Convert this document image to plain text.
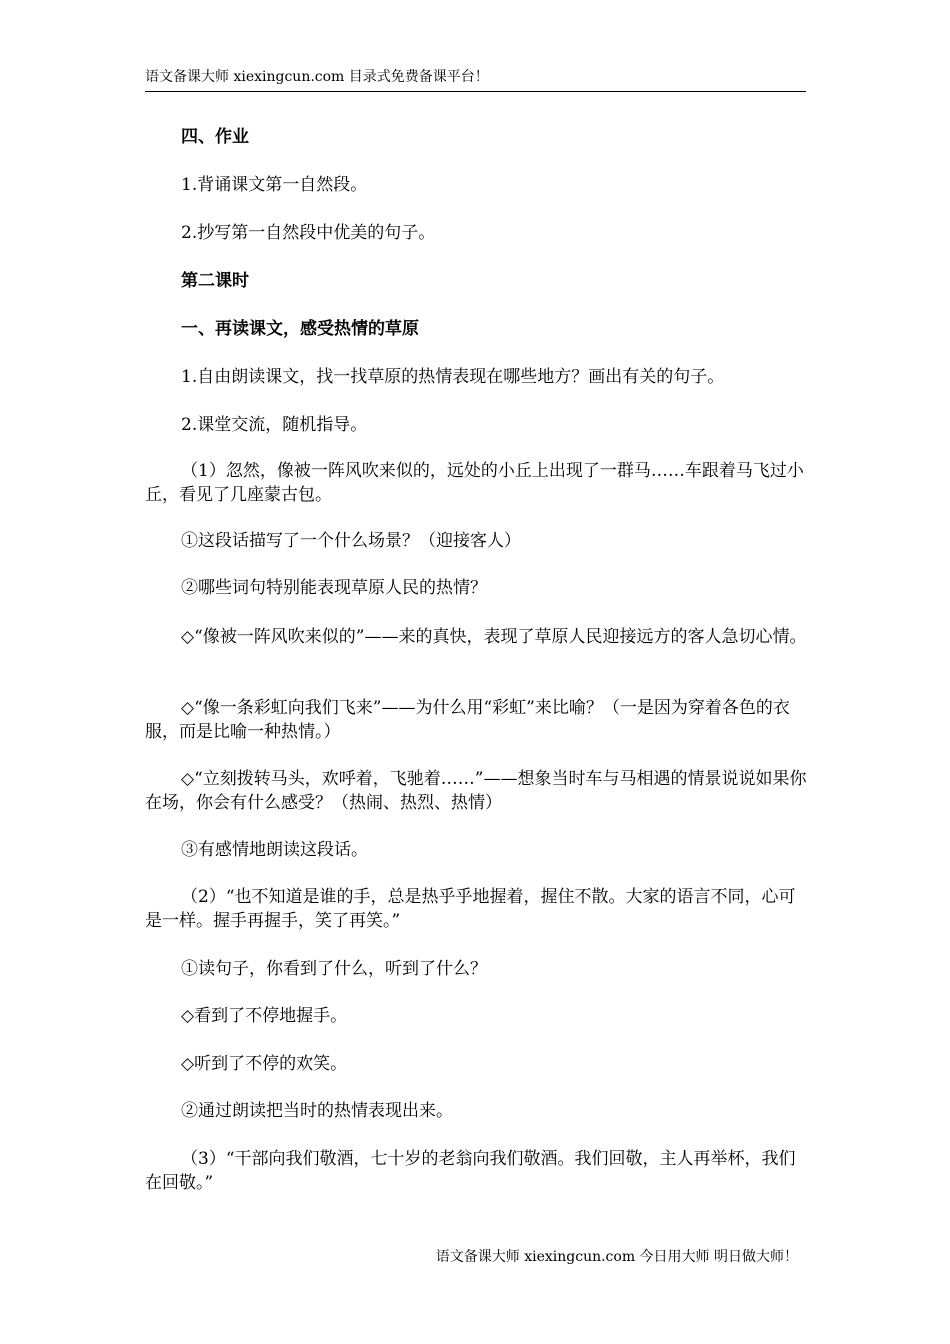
语文备课大师 xiexingcun.com 目录式免费备课平台！

四、作业

1.背诵课文第一自然段。

2.抄写第一自然段中优美的句子。

第二课时

一、再读课文，感受热情的草原

1.自由朗读课文，找一找草原的热情表现在哪些地方？画出有关的句子。

2.课堂交流，随机指导。

（1）忽然，像被一阵风吹来似的，远处的小丘上出现了一群马……车跟着马飞过小丘，看见了几座蒙古包。

①这段话描写了一个什么场景？（迎接客人）

②哪些词句特别能表现草原人民的热情？

◇“像被一阵风吹来似的”——来的真快，表现了草原人民迎接远方的客人急切心情。

◇“像一条彩虹向我们飞来”——为什么用“彩虹”来比喻？（一是因为穿着各色的衣服，而是比喻一种热情。）

◇“立刻拨转马头，欢呼着，飞驰着……”——想象当时车与马相遇的情景说说如果你在场，你会有什么感受？（热闹、热烈、热情）

③有感情地朗读这段话。

（2）“也不知道是谁的手，总是热乎乎地握着，握住不散。大家的语言不同，心可是一样。握手再握手，笑了再笑。”

①读句子，你看到了什么，听到了什么？

◇看到了不停地握手。

◇听到了不停的欢笑。

②通过朗读把当时的热情表现出来。

（3）“干部向我们敬酒，七十岁的老翁向我们敬酒。我们回敬，主人再举杯，我们在回敬。”

语文备课大师 xiexingcun.com 今日用大师 明日做大师！
